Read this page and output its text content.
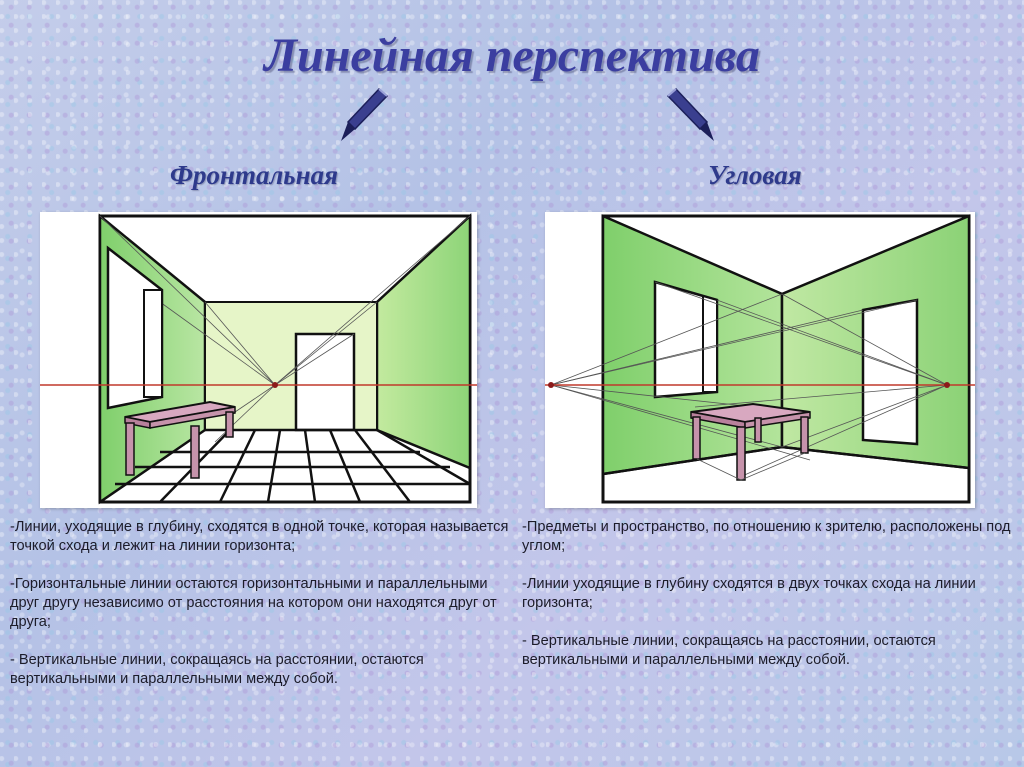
Линейная перспектива
Фронтальная	Угловая

-Линии, уходящие в глубину, сходятся в одной точке, которая называется точкой схода и лежит на линии горизонта;

-Горизонтальные линии остаются горизонтальными и параллельными друг другу независимо от расстояния на котором они находятся друг от друга;

- Вертикальные линии, сокращаясь на расстоянии, остаются вертикальными и параллельными между собой.

-Предметы и пространство, по отношению к зрителю, расположены под углом;

-Линии уходящие в глубину сходятся в двух точках схода на линии горизонта;

- Вертикальные линии, сокращаясь на расстоянии, остаются вертикальными и параллельными между собой.
